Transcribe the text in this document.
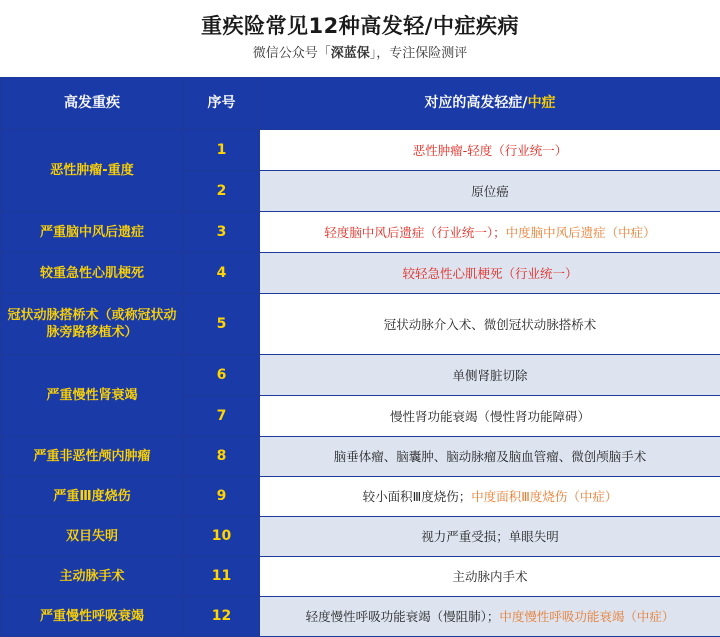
重疾险常见12种高发轻/中症疾病
微信公众号「深蓝保」，专注保险测评
高发重疾	序号	对应的高发轻症/中症
恶性肿瘤-重度	1	恶性肿瘤-轻度（行业统一）
	2	原位癌
严重脑中风后遗症	3	轻度脑中风后遗症（行业统一）；中度脑中风后遗症（中症）
较重急性心肌梗死	4	较轻急性心肌梗死（行业统一）
冠状动脉搭桥术（或称冠状动脉旁路移植术）	5	冠状动脉介入术、微创冠状动脉搭桥术
严重慢性肾衰竭	6	单侧肾脏切除
	7	慢性肾功能衰竭（慢性肾功能障碍）
严重非恶性颅内肿瘤	8	脑垂体瘤、脑囊肿、脑动脉瘤及脑血管瘤、微创颅脑手术
严重Ⅲ度烧伤	9	较小面积Ⅲ度烧伤；中度面积Ⅲ度烧伤（中症）
双目失明	10	视力严重受损；单眼失明
主动脉手术	11	主动脉内手术
严重慢性呼吸衰竭	12	轻度慢性呼吸功能衰竭（慢阻肺）；中度慢性呼吸功能衰竭（中症）
